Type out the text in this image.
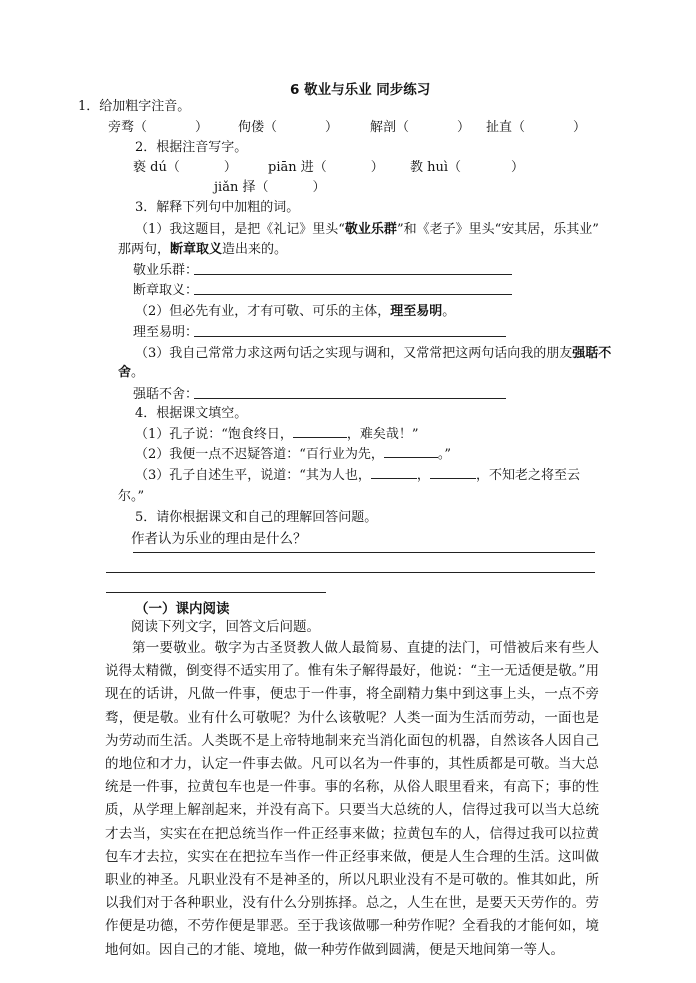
6 敬业与乐业 同步练习
1．给加粗字注音。
旁骛（	） 佝偻（	） 解剖（	） 扯直（	）
2．根据注音写字。
亵 dú（	） piān 进（	） 教 huì（	）
jiǎn 择（	）
3．解释下列句中加粗的词。
（1）我这题目，是把《礼记》里头“敬业乐群”和《老子》里头“安其居，乐其业”
那两句，断章取义造出来的。
敬业乐群：
断章取义：
（2）但必先有业，才有可敬、可乐的主体，理至易明。
理至易明：
（3）我自己常常力求这两句话之实现与调和，又常常把这两句话向我的朋友强聒不
舍。
强聒不舍：
4．根据课文填空。
（1）孔子说：“饱食终日，	，难矣哉！”
（2）我便一点不迟疑答道：“百行业为先，	。”
（3）孔子自述生平，说道：“其为人也，	，	，不知老之将至云
尔。”
5．请你根据课文和自己的理解回答问题。
作者认为乐业的理由是什么？
（一）课内阅读
阅读下列文字，回答文后问题。

第一要敬业。敬字为古圣贤教人做人最简易、直捷的法门，可惜被后来有些人说得太精微，倒变得不适实用了。惟有朱子解得最好，他说：“主一无适便是敬。”用现在的话讲，凡做一件事，便忠于一件事，将全副精力集中到这事上头，一点不旁骛，便是敬。业有什么可敬呢？为什么该敬呢？人类一面为生活而劳动，一面也是为劳动而生活。人类既不是上帝特地制来充当消化面包的机器，自然该各人因自己的地位和才力，认定一件事去做。凡可以名为一件事的，其性质都是可敬。当大总统是一件事，拉黄包车也是一件事。事的名称，从俗人眼里看来，有高下；事的性质，从学理上解剖起来，并没有高下。只要当大总统的人，信得过我可以当大总统才去当，实实在在把总统当作一件正经事来做；拉黄包车的人，信得过我可以拉黄包车才去拉，实实在在把拉车当作一件正经事来做，便是人生合理的生活。这叫做职业的神圣。凡职业没有不是神圣的，所以凡职业没有不是可敬的。惟其如此，所以我们对于各种职业，没有什么分别拣择。总之，人生在世，是要天天劳作的。劳作便是功德，不劳作便是罪恶。至于我该做哪一种劳作呢？全看我的才能何如，境地何如。因自己的才能、境地，做一种劳作做到圆满，便是天地间第一等人。
